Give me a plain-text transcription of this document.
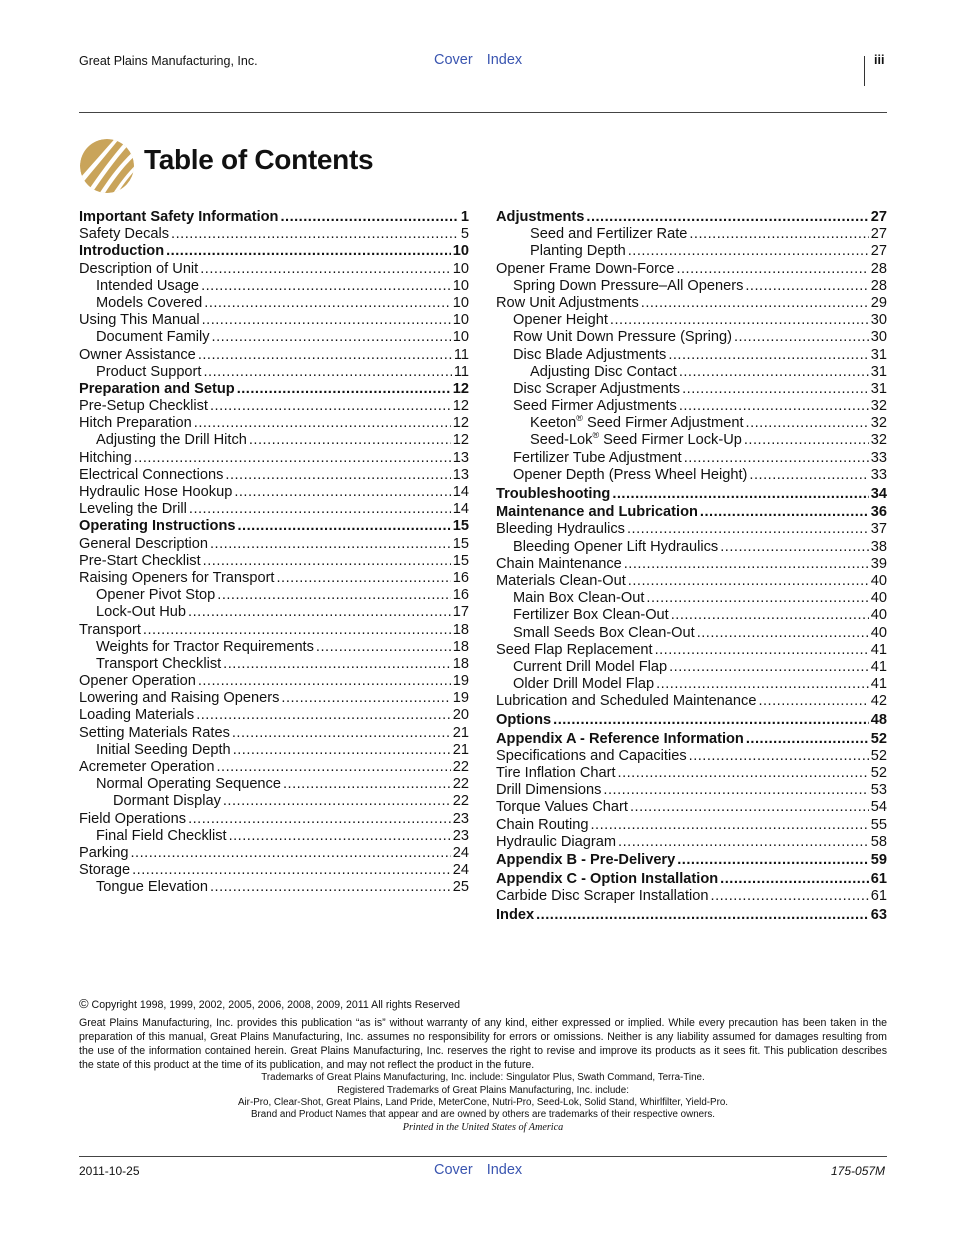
Great Plains Manufacturing, Inc.	Cover Index	iii
Table of Contents
Important Safety Information .....	1
Safety Decals .....	5
Introduction .....	10
Description of Unit .....	10
Intended Usage .....	10
Models Covered .....	10
Using This Manual .....	10
Document Family .....	10
Owner Assistance .....	11
Product Support .....	11
Preparation and Setup .....	12
Pre-Setup Checklist .....	12
Hitch Preparation .....	12
Adjusting the Drill Hitch .....	12
Hitching .....	13
Electrical Connections .....	13
Hydraulic Hose Hookup .....	14
Leveling the Drill .....	14
Operating Instructions .....	15
General Description .....	15
Pre-Start Checklist .....	15
Raising Openers for Transport .....	16
Opener Pivot Stop .....	16
Lock-Out Hub .....	17
Transport .....	18
Weights for Tractor Requirements .....	18
Transport Checklist .....	18
Opener Operation .....	19
Lowering and Raising Openers .....	19
Loading Materials .....	20
Setting Materials Rates .....	21
Initial Seeding Depth .....	21
Acremeter Operation .....	22
Normal Operating Sequence .....	22
Dormant Display .....	22
Field Operations .....	23
Final Field Checklist .....	23
Parking .....	24
Storage .....	24
Tongue Elevation .....	25
Adjustments .....	27
Seed and Fertilizer Rate .....	27
Planting Depth .....	27
Opener Frame Down-Force .....	28
Spring Down Pressure–All Openers .....	28
Row Unit Adjustments .....	29
Opener Height .....	30
Row Unit Down Pressure (Spring) .....	30
Disc Blade Adjustments .....	31
Adjusting Disc Contact .....	31
Disc Scraper Adjustments .....	31
Seed Firmer Adjustments .....	32
Keeton® Seed Firmer Adjustment .....	32
Seed-Lok® Seed Firmer Lock-Up .....	32
Fertilizer Tube Adjustment .....	33
Opener Depth (Press Wheel Height) .....	33
Troubleshooting .....	34
Maintenance and Lubrication .....	36
Bleeding Hydraulics .....	37
Bleeding Opener Lift Hydraulics .....	38
Chain Maintenance .....	39
Materials Clean-Out .....	40
Main Box Clean-Out .....	40
Fertilizer Box Clean-Out .....	40
Small Seeds Box Clean-Out .....	40
Seed Flap Replacement .....	41
Current Drill Model Flap .....	41
Older Drill Model Flap .....	41
Lubrication and Scheduled Maintenance .....	42
Options .....	48
Appendix A - Reference Information .....	52
Specifications and Capacities .....	52
Tire Inflation Chart .....	52
Drill Dimensions .....	53
Torque Values Chart .....	54
Chain Routing .....	55
Hydraulic Diagram .....	58
Appendix B - Pre-Delivery .....	59
Appendix C - Option Installation .....	61
Carbide Disc Scraper Installation .....	61
Index .....	63
© Copyright 1998, 1999, 2002, 2005, 2006, 2008, 2009, 2011 All rights Reserved
Great Plains Manufacturing, Inc. provides this publication “as is” without warranty of any kind, either expressed or implied. While every precaution has been taken in the preparation of this manual, Great Plains Manufacturing, Inc. assumes no responsibility for errors or omissions. Neither is any liability assumed for damages resulting from the use of the information contained herein. Great Plains Manufacturing, Inc. reserves the right to revise and improve its products as it sees fit. This publication describes the state of this product at the time of its publication, and may not reflect the product in the future.
Trademarks of Great Plains Manufacturing, Inc. include: Singulator Plus, Swath Command, Terra-Tine.
Registered Trademarks of Great Plains Manufacturing, Inc. include:
Air-Pro, Clear-Shot, Great Plains, Land Pride, MeterCone, Nutri-Pro, Seed-Lok, Solid Stand, Whirlfilter, Yield-Pro.
Brand and Product Names that appear and are owned by others are trademarks of their respective owners.
Printed in the United States of America
2011-10-25	Cover Index	175-057M
